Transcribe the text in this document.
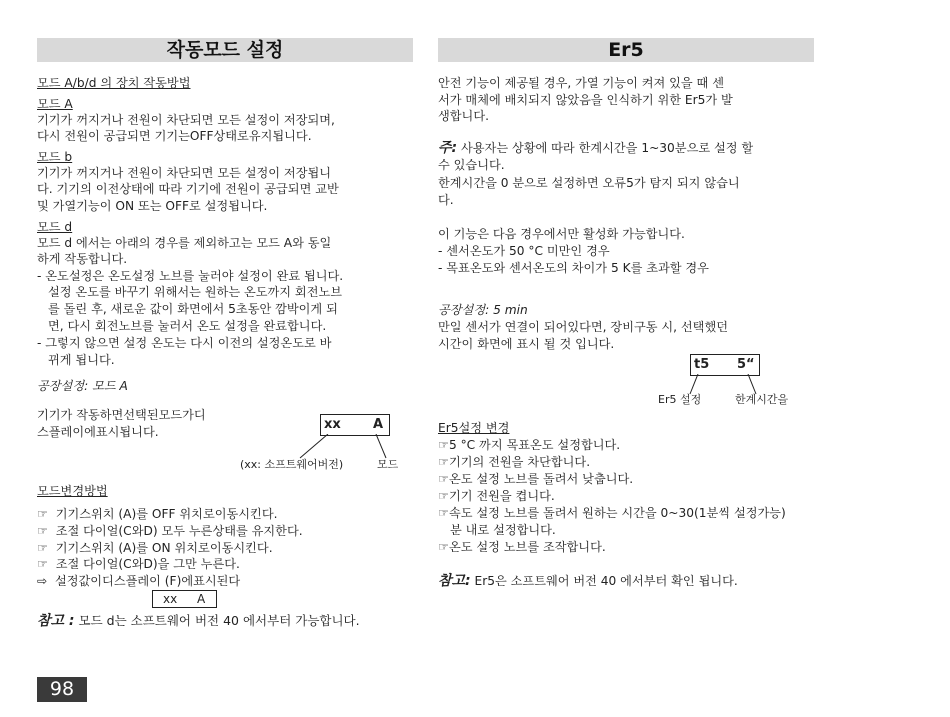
작동모드 설정
모드 A/b/d 의 장치 작동방법
모드 A
기기가 꺼지거나 전원이 차단되면 모든 설정이 저장되며,
다시 전원이 공급되면 기기는OFF상태로유지됩니다.
모드 b
기기가 꺼지거나 전원이 차단되면 모든 설정이 저장됩니
다. 기기의 이전상태에 따라 기기에 전원이 공급되면 교반
및 가열기능이 ON 또는 OFF로 설정됩니다.
모드 d
모드 d 에서는 아래의 경우를 제외하고는 모드 A와 동일
하게 작동합니다.
- 온도설정은 온도설정 노브를 눌러야 설정이 완료 됩니다.
설정 온도를 바꾸기 위해서는 원하는 온도까지 회전노브
를 돌린 후, 새로운 값이 화면에서 5초동안 깜박이게 되
면, 다시 회전노브를 눌러서 온도 설정을 완료합니다.
- 그렇지 않으면 설정 온도는 다시 이전의 설정온도로 바
뀌게 됩니다.
공장설정: 모드 A
기기가 작동하면선택된모드가디
스플레이에표시됩니다.	xx A
(xx: 소프트웨어버전)	모드
모드변경방법
☞ 기기스위치 (A)를 OFF 위치로이동시킨다.
☞ 조절 다이얼(C와D) 모두 누른상태를 유지한다.
☞ 기기스위치 (A)를 ON 위치로이동시킨다.
☞ 조절 다이얼(C와D)을 그만 누른다.
⇨ 설정값이디스플레이 (F)에표시된다
xx A
참고 : 모드 d는 소프트웨어 버전 40 에서부터 가능합니다.
Er5
안전 기능이 제공될 경우, 가열 기능이 켜져 있을 때 센
서가 매체에 배치되지 않았음을 인식하기 위한 Er5가 발
생합니다.
주: 사용자는 상황에 따라 한계시간을 1~30분으로 설정 할
수 있습니다.
한계시간을 0 분으로 설정하면 오류5가 탐지 되지 않습니
다.
이 기능은 다음 경우에서만 활성화 가능합니다.
- 센서온도가 50 °C 미만인 경우
- 목표온도와 센서온도의 차이가 5 K를 초과할 경우
공장설정: 5 min
만일 센서가 연결이 되어있다면, 장비구동 시, 선택했던
시간이 화면에 표시 될 것 입니다.
t5 5“
Er5 설정	한계시간을
Er5설정 변경
☞5 °C 까지 목표온도 설정합니다.
☞기기의 전원을 차단합니다.
☞온도 설정 노브를 돌려서 낮춥니다.
☞기기 전원을 켭니다.
☞속도 설정 노브를 돌려서 원하는 시간을 0~30(1분씩 설정가능)
분 내로 설정합니다.
☞온도 설정 노브를 조작합니다.
참고: Er5은 소프트웨어 버전 40 에서부터 확인 됩니다.
98
